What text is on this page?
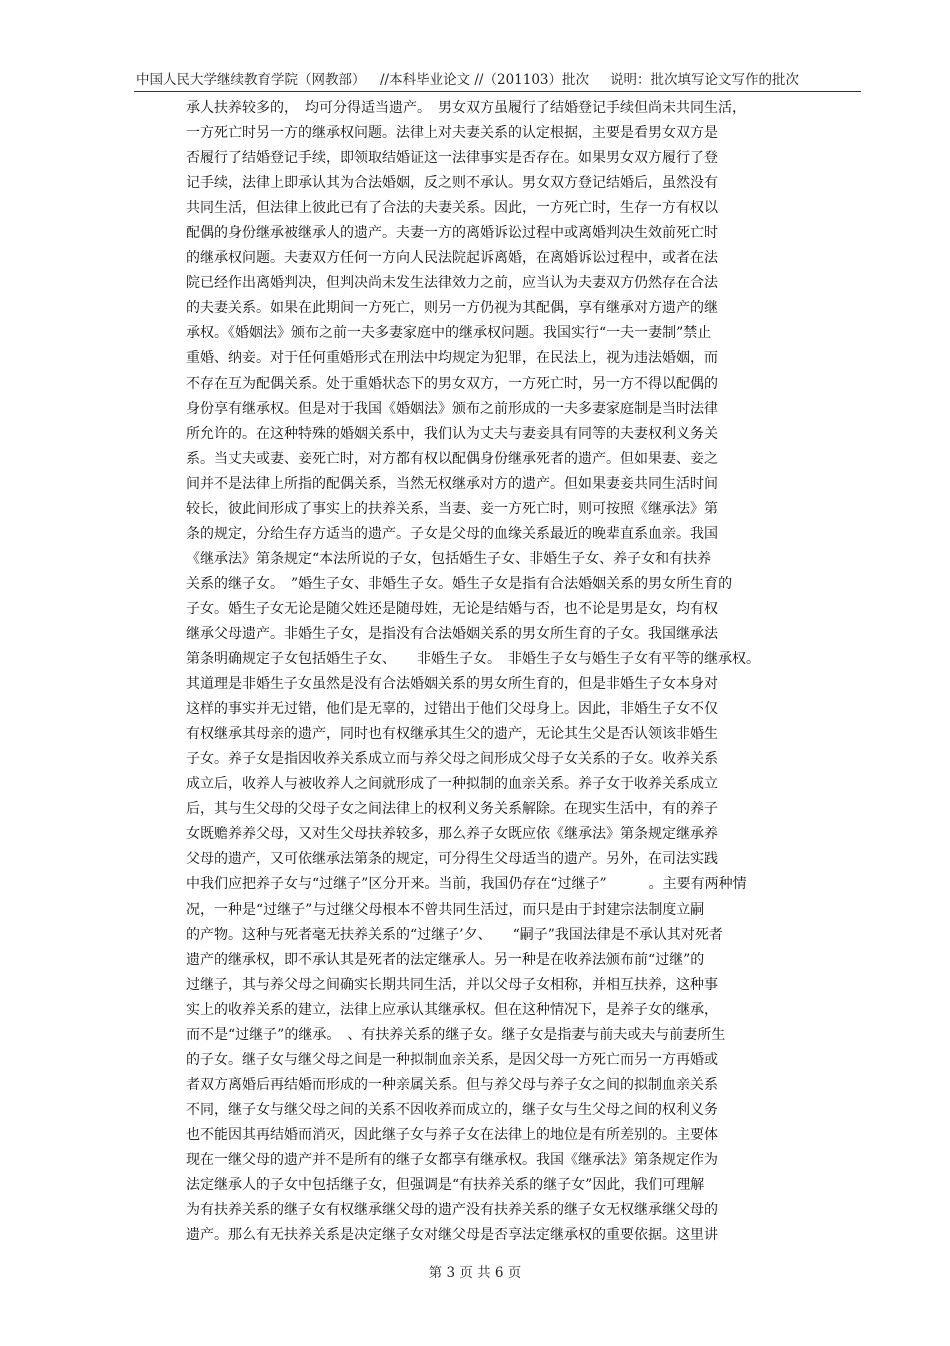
中国人民大学继续教育学院（网教部） //本科毕业论文 //（201103）批次 说明：批次填写论文写作的批次
承人扶养较多的，　均可分得适当遗产。　男女双方虽履行了结婚登记手续但尚未共同生活，
一方死亡时另一方的继承权问题。法律上对夫妻关系的认定根据，主要是看男女双方是
否履行了结婚登记手续，即领取结婚证这一法律事实是否存在。如果男女双方履行了登
记手续，法律上即承认其为合法婚姻，反之则不承认。男女双方登记结婚后，虽然没有
共同生活，但法律上彼此已有了合法的夫妻关系。因此，一方死亡时，生存一方有权以
配偶的身份继承被继承人的遗产。夫妻一方的离婚诉讼过程中或离婚判决生效前死亡时
的继承权问题。夫妻双方任何一方向人民法院起诉离婚，在离婚诉讼过程中，或者在法
院已经作出离婚判决，但判决尚未发生法律效力之前，应当认为夫妻双方仍然存在合法
的夫妻关系。如果在此期间一方死亡，则另一方仍视为其配偶，享有继承对方遗产的继
承权。《婚姻法》颁布之前一夫多妻家庭中的继承权问题。我国实行“一夫一妻制”禁止
重婚、纳妾。对于任何重婚形式在刑法中均规定为犯罪，在民法上，视为违法婚姻，而
不存在互为配偶关系。处于重婚状态下的男女双方，一方死亡时，另一方不得以配偶的
身份享有继承权。但是对于我国《婚姻法》颁布之前形成的一夫多妻家庭制是当时法律
所允许的。在这种特殊的婚姻关系中，我们认为丈夫与妻妾具有同等的夫妻权利义务关
系。当丈夫或妻、妾死亡时，对方都有权以配偶身份继承死者的遗产。但如果妻、妾之
间并不是法律上所指的配偶关系，当然无权继承对方的遗产。但如果妻妾共同生活时间
较长，彼此间形成了事实上的扶养关系，当妻、妾一方死亡时，则可按照《继承法》第
条的规定，分给生存方适当的遗产。子女是父母的血缘关系最近的晚辈直系血亲。我国
《继承法》第条规定“本法所说的子女，包括婚生子女、非婚生子女、养子女和有扶养
关系的继子女。　”婚生子女、非婚生子女。婚生子女是指有合法婚姻关系的男女所生育的
子女。婚生子女无论是随父姓还是随母姓，无论是结婚与否，也不论是男是女，均有权
继承父母遗产。非婚生子女，是指没有合法婚姻关系的男女所生育的子女。我国继承法
第条明确规定子女包括婚生子女、　　非婚生子女。　非婚生子女与婚生子女有平等的继承权。
其道理是非婚生子女虽然是没有合法婚姻关系的男女所生育的，但是非婚生子女本身对
这样的事实并无过错，他们是无辜的，过错出于他们父母身上。因此，非婚生子女不仅
有权继承其母亲的遗产，同时也有权继承其生父的遗产，无论其生父是否认领该非婚生
子女。养子女是指因收养关系成立而与养父母之间形成父母子女关系的子女。收养关系
成立后，收养人与被收养人之间就形成了一种拟制的血亲关系。养子女于收养关系成立
后，其与生父母的父母子女之间法律上的权利义务关系解除。在现实生活中，有的养子
女既赡养养父母，又对生父母扶养较多，那么养子女既应依《继承法》第条规定继承养
父母的遗产，又可依继承法第条的规定，可分得生父母适当的遗产。另外，在司法实践
中我们应把养子女与“过继子”区分开来。当前，我国仍存在“过继子”　　　。主要有两种情
况，一种是“过继子”与过继父母根本不曾共同生活过，而只是由于封建宗法制度立嗣
的产物。这种与死者毫无扶养关系的“过继子’夕、　　“嗣子”我国法律是不承认其对死者
遗产的继承权，即不承认其是死者的法定继承人。另一种是在收养法颁布前“过继”的
过继子，其与养父母之间确实长期共同生活，并以父母子女相称，并相互扶养，这种事
实上的收养关系的建立，法律上应承认其继承权。但在这种情况下，是养子女的继承，
而不是“过继子”的继承。　、有扶养关系的继子女。继子女是指妻与前夫或夫与前妻所生
的子女。继子女与继父母之间是一种拟制血亲关系，是因父母一方死亡而另一方再婚或
者双方离婚后再结婚而形成的一种亲属关系。但与养父母与养子女之间的拟制血亲关系
不同，继子女与继父母之间的关系不因收养而成立的，继子女与生父母之间的权利义务
也不能因其再结婚而消灭，因此继子女与养子女在法律上的地位是有所差别的。主要体
现在一继父母的遗产并不是所有的继子女都享有继承权。我国《继承法》第条规定作为
法定继承人的子女中包括继子女，但强调是“有扶养关系的继子女”因此，我们可理解
为有扶养关系的继子女有权继承继父母的遗产没有扶养关系的继子女无权继承继父母的
遗产。那么有无扶养关系是决定继子女对继父母是否享法定继承权的重要依据。这里讲
第 3 页 共 6 页
